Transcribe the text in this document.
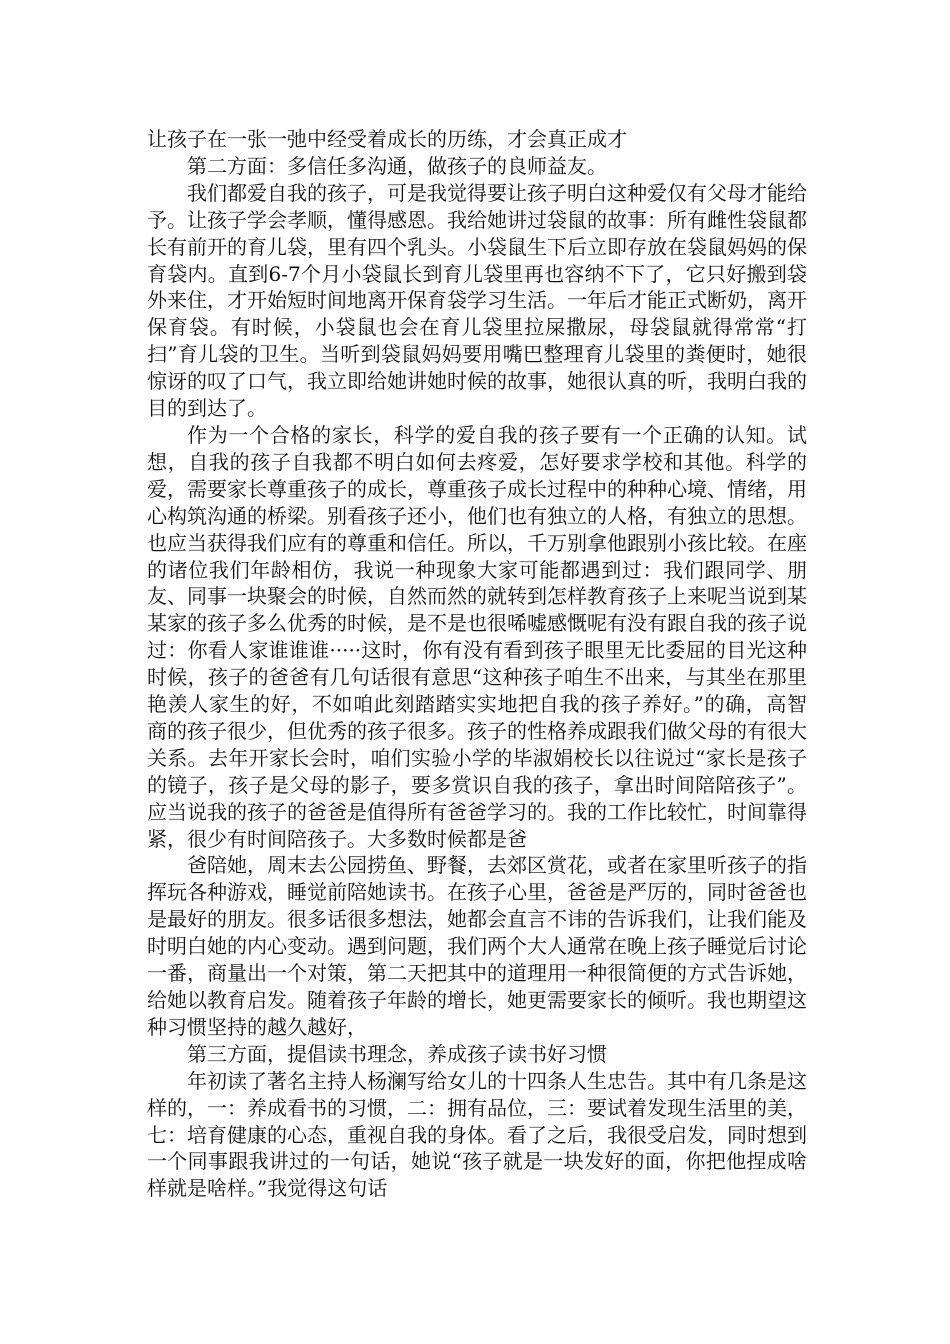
让孩子在一张一弛中经受着成长的历练，才会真正成才

第二方面：多信任多沟通，做孩子的良师益友。

我们都爱自我的孩子，可是我觉得要让孩子明白这种爱仅有父母才能给予。让孩子学会孝顺，懂得感恩。我给她讲过袋鼠的故事：所有雌性袋鼠都长有前开的育儿袋，里有四个乳头。小袋鼠生下后立即存放在袋鼠妈妈的保育袋内。直到6-7个月小袋鼠长到育儿袋里再也容纳不下了，它只好搬到袋外来住，才开始短时间地离开保育袋学习生活。一年后才能正式断奶，离开保育袋。有时候，小袋鼠也会在育儿袋里拉屎撒尿，母袋鼠就得常常“打扫”育儿袋的卫生。当听到袋鼠妈妈要用嘴巴整理育儿袋里的粪便时，她很惊讶的叹了口气，我立即给她讲她时候的故事，她很认真的听，我明白我的目的到达了。

作为一个合格的家长，科学的爱自我的孩子要有一个正确的认知。试想，自我的孩子自我都不明白如何去疼爱，怎好要求学校和其他。科学的爱，需要家长尊重孩子的成长，尊重孩子成长过程中的种种心境、情绪，用心构筑沟通的桥梁。别看孩子还小，他们也有独立的人格，有独立的思想。也应当获得我们应有的尊重和信任。所以，千万别拿他跟别小孩比较。在座的诸位我们年龄相仿，我说一种现象大家可能都遇到过：我们跟同学、朋友、同事一块聚会的时候，自然而然的就转到怎样教育孩子上来呢当说到某某家的孩子多么优秀的时候，是不是也很唏嘘感慨呢有没有跟自我的孩子说过：你看人家谁谁谁·····这时，你有没有看到孩子眼里无比委屈的目光这种时候，孩子的爸爸有几句话很有意思“这种孩子咱生不出来，与其坐在那里艳羡人家生的好，不如咱此刻踏踏实实地把自我的孩子养好。”的确，高智商的孩子很少，但优秀的孩子很多。孩子的性格养成跟我们做父母的有很大关系。去年开家长会时，咱们实验小学的毕淑娟校长以往说过“家长是孩子的镜子，孩子是父母的影子，要多赏识自我的孩子，拿出时间陪陪孩子”。应当说我的孩子的爸爸是值得所有爸爸学习的。我的工作比较忙，时间靠得紧，很少有时间陪孩子。大多数时候都是爸

爸陪她，周末去公园捞鱼、野餐，去郊区赏花，或者在家里听孩子的指挥玩各种游戏，睡觉前陪她读书。在孩子心里，爸爸是严厉的，同时爸爸也是最好的朋友。很多话很多想法，她都会直言不讳的告诉我们，让我们能及时明白她的内心变动。遇到问题，我们两个大人通常在晚上孩子睡觉后讨论一番，商量出一个对策，第二天把其中的道理用一种很简便的方式告诉她，给她以教育启发。随着孩子年龄的增长，她更需要家长的倾听。我也期望这种习惯坚持的越久越好，

第三方面，提倡读书理念，养成孩子读书好习惯

年初读了著名主持人杨澜写给女儿的十四条人生忠告。其中有几条是这样的，一：养成看书的习惯，二：拥有品位，三：要试着发现生活里的美，七：培育健康的心态，重视自我的身体。看了之后，我很受启发，同时想到一个同事跟我讲过的一句话，她说“孩子就是一块发好的面，你把他捏成啥样就是啥样。”我觉得这句话
